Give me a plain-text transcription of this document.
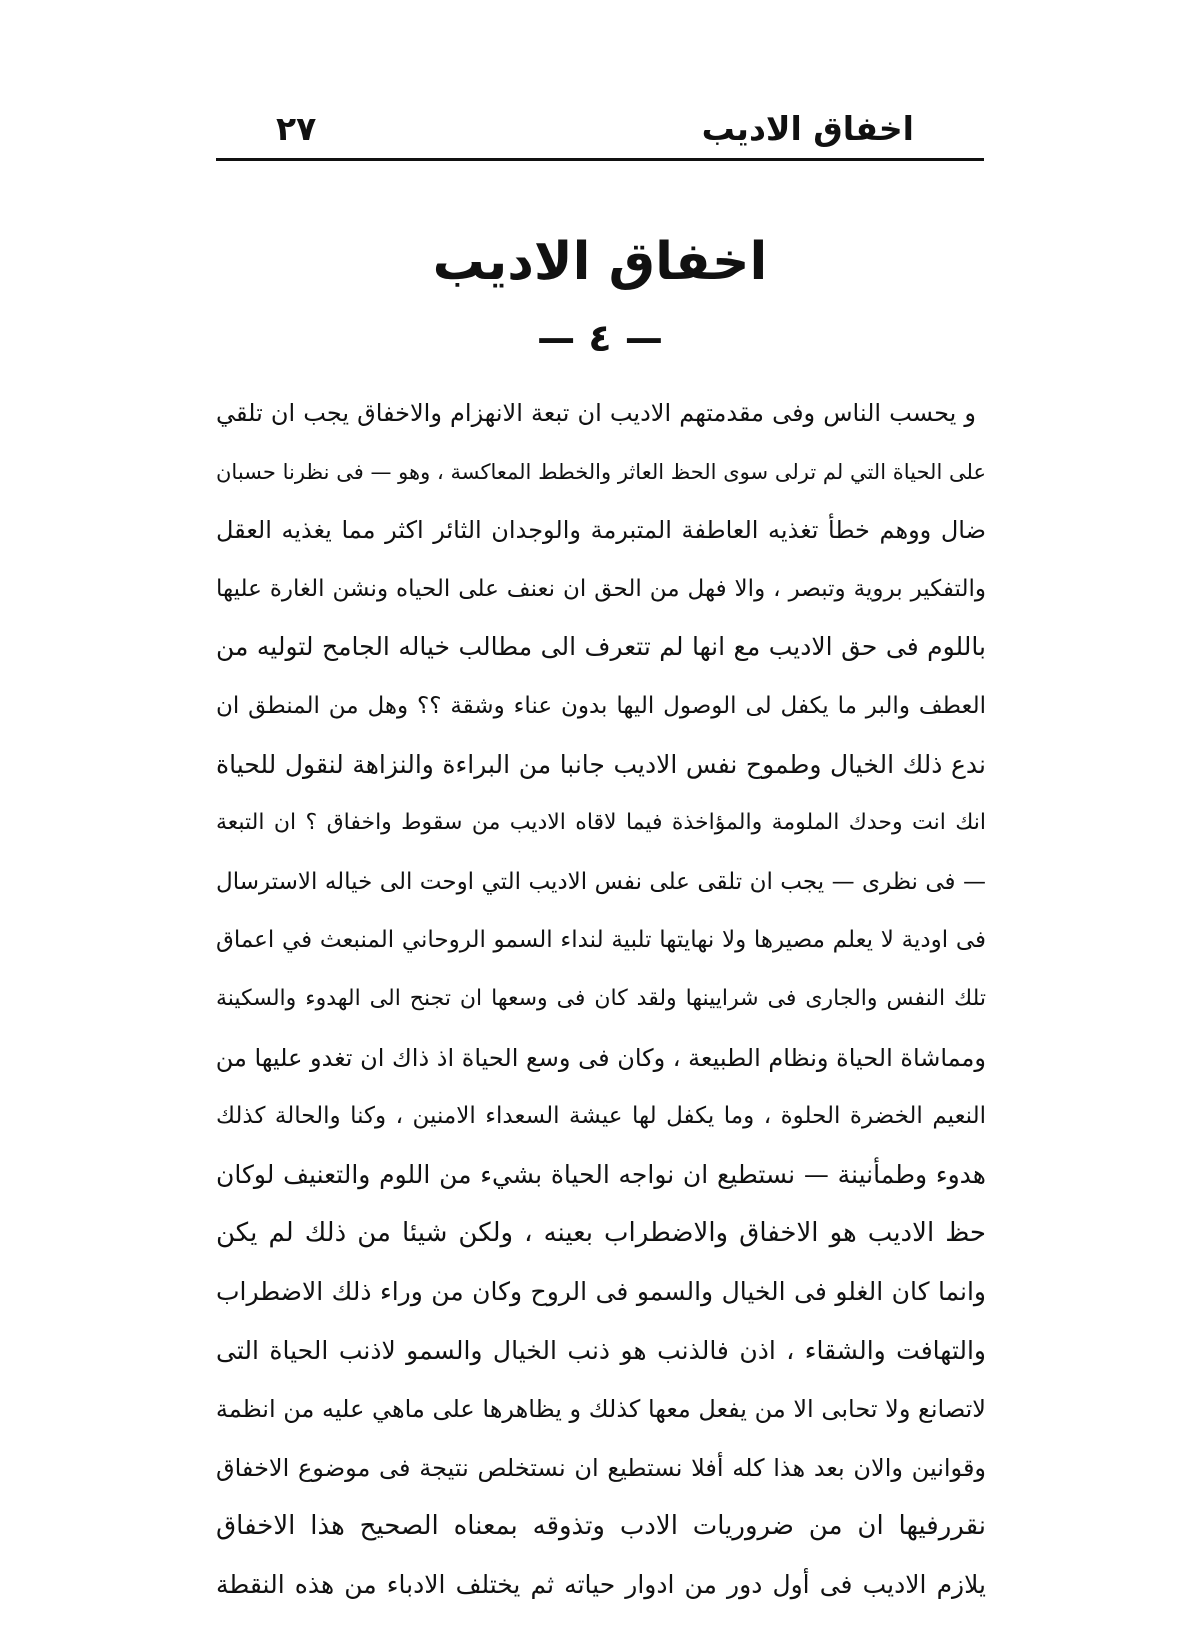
اخفاق الاديب
٢٧
اخفاق الاديب
— ٤ —
و يحسب الناس وفى مقدمتهم الاديب ان تبعة الانهزام والاخفاق يجب ان تلقي
على الحياة التي لم ترلى سوى الحظ العاثر والخطط المعاكسة ، وهو — فى نظرنا حسبان
ضال ووهم خطأ تغذيه العاطفة المتبرمة والوجدان الثائر اكثر مما يغذيه العقل
والتفكير بروية وتبصر ، والا فهل من الحق ان نعنف على الحياه ونشن الغارة عليها
باللوم فى حق الاديب مع انها لم تتعرف الى مطالب خياله الجامح لتوليه من
العطف والبر ما يكفل لى الوصول اليها بدون عناء وشقة ؟؟ وهل من المنطق ان
ندع ذلك الخيال وطموح نفس الاديب جانبا من البراءة والنزاهة لنقول للحياة
انك انت وحدك الملومة والمؤاخذة فيما لاقاه الاديب من سقوط واخفاق ؟ ان التبعة
— فى نظرى — يجب ان تلقى على نفس الاديب التي اوحت الى خياله الاسترسال
فى اودية لا يعلم مصيرها ولا نهايتها تلبية لنداء السمو الروحاني المنبعث في اعماق
تلك النفس والجارى فى شرايينها ولقد كان فى وسعها ان تجنح الى الهدوء والسكينة
ومماشاة الحياة ونظام الطبيعة ، وكان فى وسع الحياة اذ ذاك ان تغدو عليها من
النعيم الخضرة الحلوة ، وما يكفل لها عيشة السعداء الامنين ، وكنا والحالة كذلك
هدوء وطمأنينة — نستطيع ان نواجه الحياة بشيء من اللوم والتعنيف لوكان
حظ الاديب هو الاخفاق والاضطراب بعينه ، ولكن شيئا من ذلك لم يكن
وانما كان الغلو فى الخيال والسمو فى الروح وكان من وراء ذلك الاضطراب
والتهافت والشقاء ، اذن فالذنب هو ذنب الخيال والسمو لاذنب الحياة التى
لاتصانع ولا تحابى الا من يفعل معها كذلك و يظاهرها على ماهي عليه من انظمة
وقوانين والان بعد هذا كله أفلا نستطيع ان نستخلص نتيجة فى موضوع الاخفاق
نقررفيها ان من ضروريات الادب وتذوقه بمعناه الصحيح هذا الاخفاق
يلازم الاديب فى أول دور من ادوار حياته ثم يختلف الادباء من هذه النقطة
